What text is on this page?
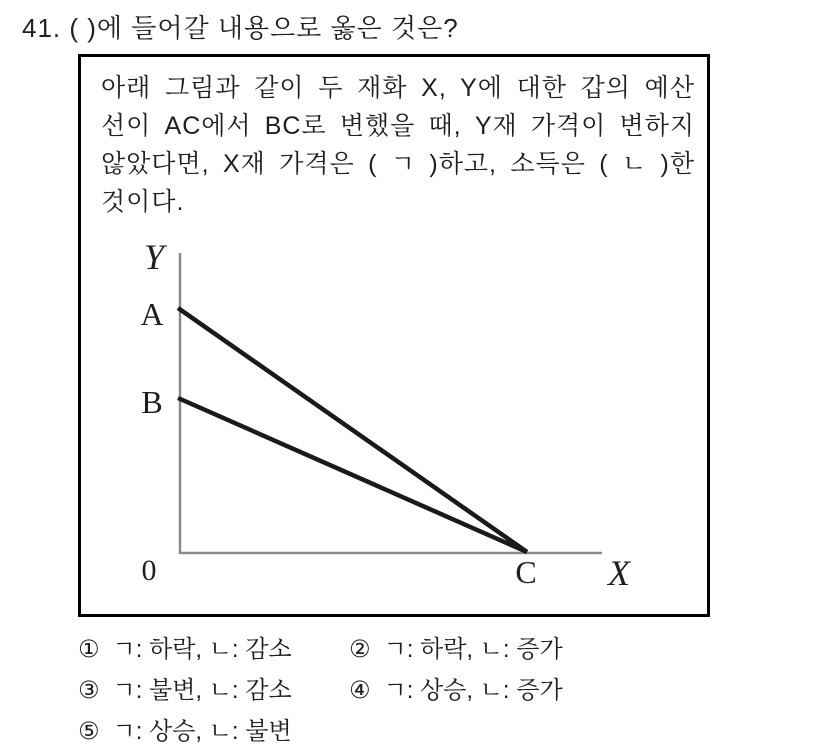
41. ( )에 들어갈 내용으로 옳은 것은?
아래 그림과 같이 두 재화 X, Y에 대한 갑의 예산
선이 AC에서 BC로 변했을 때, Y재 가격이 변하지
않았다면, X재 가격은 ( ㄱ )하고, 소득은 ( ㄴ )한
것이다.
Y
A
B
0	C X
① ㄱ: 하락, ㄴ: 감소 ② ㄱ: 하락, ㄴ: 증가
③ ㄱ: 불변, ㄴ: 감소 ④ ㄱ: 상승, ㄴ: 증가
⑤ ㄱ: 상승, ㄴ: 불변
